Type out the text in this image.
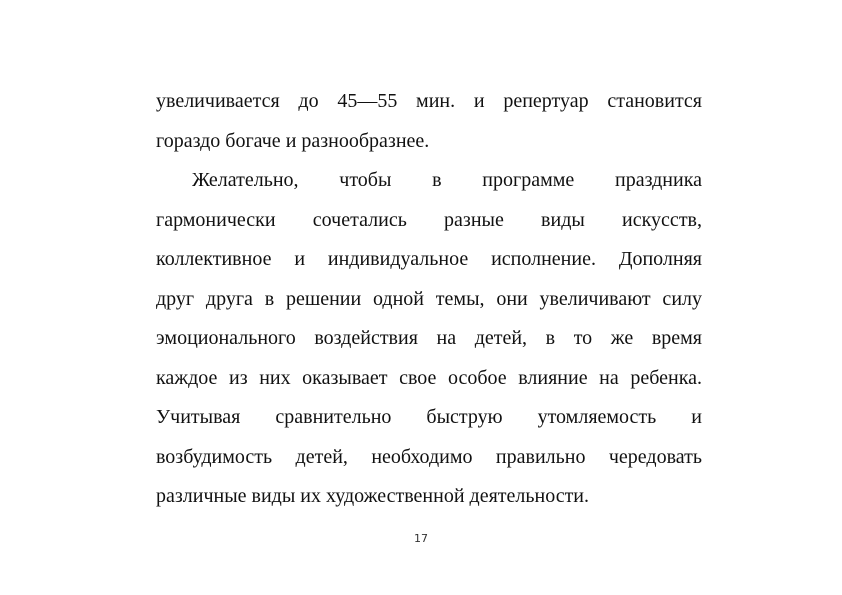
увеличивается до 45—55 мин. и репертуар становится
гораздо богаче и разнообразнее.
Желательно, чтобы в программе праздника
гармонически сочетались разные виды искусств,
коллективное и индивидуальное исполнение. Дополняя
друг друга в решении одной темы, они увеличивают силу
эмоционального воздействия на детей, в то же время
каждое из них оказывает свое особое влияние на ребенка.
Учитывая сравнительно быструю утомляемость и
возбудимость детей, необходимо правильно чередовать
различные виды их художественной деятельности.
17
